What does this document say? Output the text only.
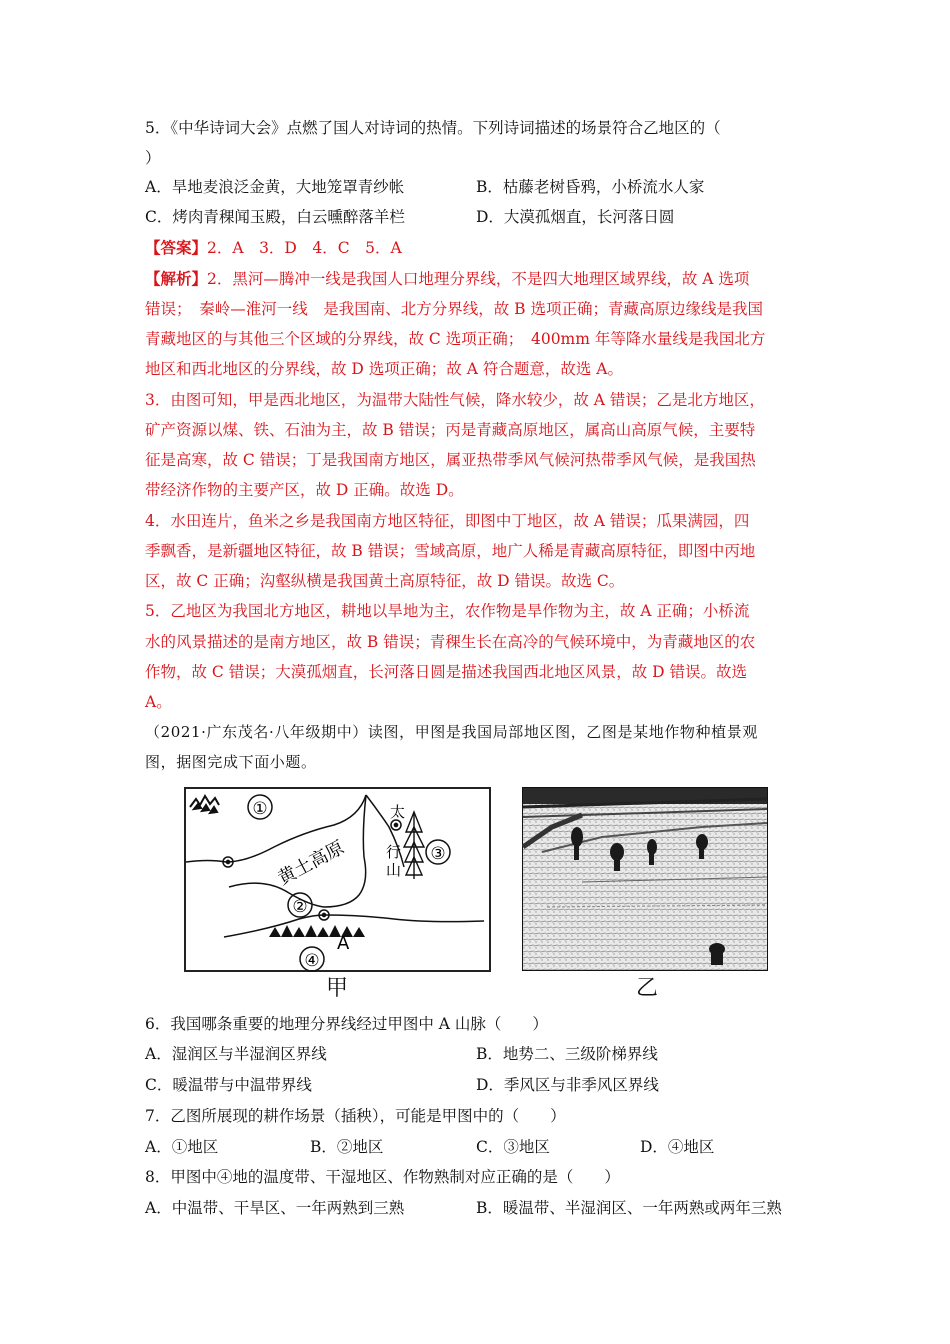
5．《中华诗词大会》点燃了国人对诗词的热情。下列诗词描述的场景符合乙地区的（
）
A．旱地麦浪泛金黄，大地笼罩青纱帐	B．枯藤老树昏鸦，小桥流水人家
C．烤肉青稞闻玉殿，白云曛醉落羊栏	D．大漠孤烟直，长河落日圆
【答案】2．A　3．D　4．C　5．A
【解析】2．黑河—腾冲一线是我国人口地理分界线，不是四大地理区域界线，故 A 选项
错误；　秦岭—淮河一线　是我国南、北方分界线，故 B 选项正确；青藏高原边缘线是我国
青藏地区的与其他三个区域的分界线，故 C 选项正确；　400mm 年等降水量线是我国北方
地区和西北地区的分界线，故 D 选项正确；故 A 符合题意，故选 A。
3．由图可知，甲是西北地区，为温带大陆性气候，降水较少，故 A 错误；乙是北方地区，
矿产资源以煤、铁、石油为主，故 B 错误；丙是青藏高原地区，属高山高原气候，主要特
征是高寒，故 C 错误；丁是我国南方地区，属亚热带季风气候河热带季风气候，是我国热
带经济作物的主要产区，故 D 正确。故选 D。
4．水田连片，鱼米之乡是我国南方地区特征，即图中丁地区，故 A 错误；瓜果满园，四
季飘香，是新疆地区特征，故 B 错误；雪域高原，地广人稀是青藏高原特征，即图中丙地
区，故 C 正确；沟壑纵横是我国黄土高原特征，故 D 错误。故选 C。
5．乙地区为我国北方地区，耕地以旱地为主，农作物是旱作物为主，故 A 正确；小桥流
水的风景描述的是南方地区，故 B 错误；青稞生长在高冷的气候环境中，为青藏地区的农
作物，故 C 错误；大漠孤烟直，长河落日圆是描述我国西北地区风景，故 D 错误。故选
A。
（2021·广东茂名·八年级期中）读图，甲图是我国局部地区图，乙图是某地作物种植景观
图，据图完成下面小题。
①
②
③
④
黄土高原
太
行
山
A
甲	乙
6．我国哪条重要的地理分界线经过甲图中 A 山脉（　　）
A．湿润区与半湿润区界线	B．地势二、三级阶梯界线
C．暖温带与中温带界线	D．季风区与非季风区界线
7．乙图所展现的耕作场景（插秧），可能是甲图中的（　　）
A．①地区	B．②地区	C．③地区	D．④地区
8．甲图中④地的温度带、干湿地区、作物熟制对应正确的是（　　）
A．中温带、干旱区、一年两熟到三熟	B．暖温带、半湿润区、一年两熟或两年三熟
